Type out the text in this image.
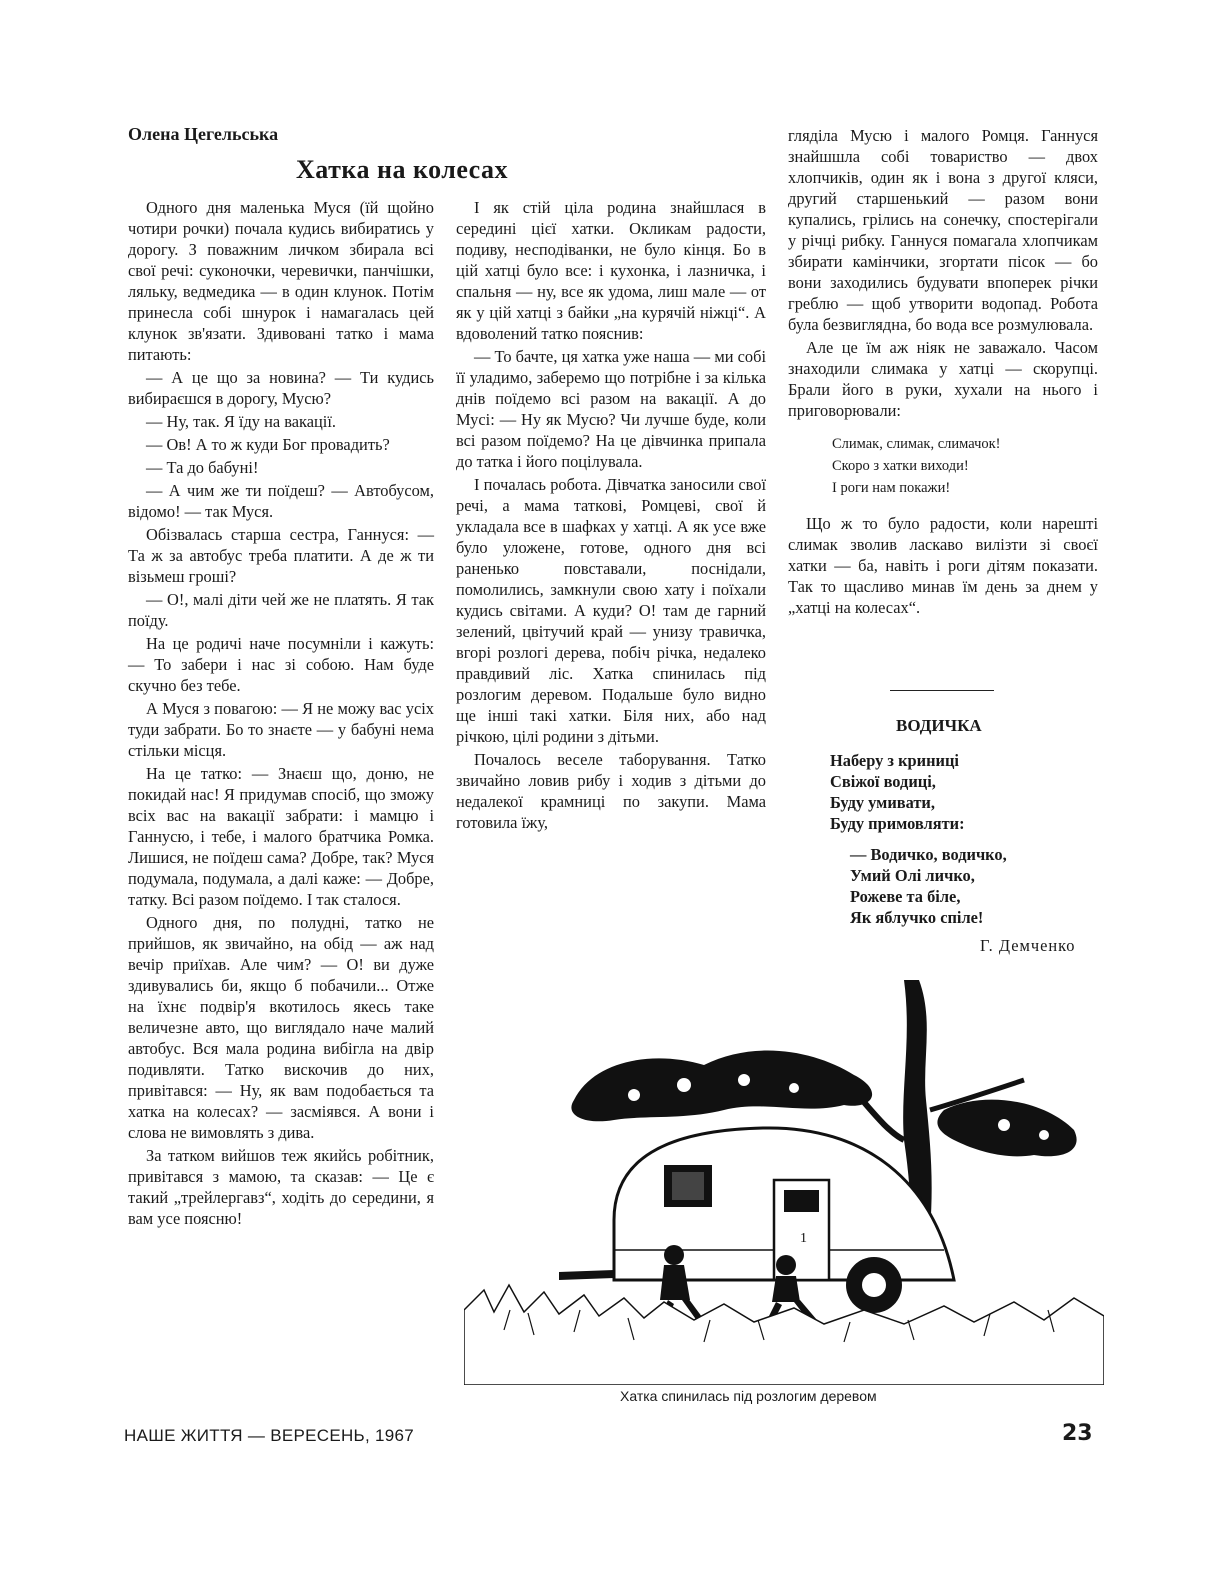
Олена Цегельська
Хатка на колесах

Одного дня маленька Муся (їй щойно чотири рочки) почала кудись вибиратись у дорогу. З поважним личком збирала всі свої речі: суконочки, черевички, панчішки, ляльку, ведмедика — в один клунок. Потім принесла собі шнурок і намагалась цей клунок зв'язати. Здивовані татко і мама питають:

— А це що за новина? — Ти кудись вибираєшся в дорогу, Мусю?

— Ну, так. Я їду на вакації.

— Ов! А то ж куди Бог провадить?

— Та до бабуні!

— А чим же ти поїдеш? — Автобусом, відомо! — так Муся.

Обізвалась старша сестра, Ганнуся: — Та ж за автобус треба платити. А де ж ти візьмеш гроші?

— О!, малі діти чей же не платять. Я так поїду.

На це родичі наче посумніли і кажуть: — То забери і нас зі собою. Нам буде скучно без тебе.

А Муся з повагою: — Я не можу вас усіх туди забрати. Бо то знаєте — у бабуні нема стільки місця.

На це татко: — Знаєш що, доню, не покидай нас! Я придумав спосіб, що зможу всіх вас на вакації забрати: і мамцю і Ганнусю, і тебе, і малого братчика Ромка. Лишися, не поїдеш сама? Добре, так? Муся подумала, подумала, а далі каже: — Добре, татку. Всі разом поїдемо. І так сталося.

Одного дня, по полудні, татко не прийшов, як звичайно, на обід — аж над вечір приїхав. Але чим? — О! ви дуже здивувались би, якщо б побачили... Отже на їхнє подвір'я вкотилось якесь таке величезне авто, що виглядало наче малий автобус. Вся мала родина вибігла на двір подивляти. Татко вискочив до них, привітався: — Ну, як вам подобається та хатка на колесах? — засміявся. А вони і слова не вимовлять з дива.

За татком вийшов теж якийсь робітник, привітався з мамою, та сказав: — Це є такий „трейлергавз“, ходіть до середини, я вам усе поясню!

І як стій ціла родина знайшлася в середині цієї хатки. Окликам радости, подиву, несподіванки, не було кінця. Бо в цій хатці було все: і кухонка, і лазничка, і спальня — ну, все як удома, лиш мале — от як у цій хатці з байки „на курячій ніжці“. А вдоволений татко пояснив:

— То бачте, ця хатка уже наша — ми собі її уладимо, заберемо що потрібне і за кілька днів поїдемо всі разом на вакації. А до Мусі: — Ну як Мусю? Чи лучше буде, коли всі разом поїдемо? На це дівчинка припала до татка і його поцілувала.

І почалась робота. Дівчатка заносили свої речі, а мама таткові, Ромцеві, свої й укладала все в шафках у хатці. А як усе вже було уложене, готове, одного дня всі раненько повставали, поснідали, помолились, замкнули свою хату і поїхали кудись світами. А куди? О! там де гарний зелений, цвітучий край — унизу травичка, вгорі розлогі дерева, побіч річка, недалеко правдивий ліс. Хатка спинилась під розлогим деревом. Подальше було видно ще інші такі хатки. Біля них, або над річкою, цілі родини з дітьми.

Почалось веселе таборування. Татко звичайно ловив рибу і ходив з дітьми до недалекої крамниці по закупи. Мама готовила їжу,

гляділа Мусю і малого Ромця. Ганнуся знайшшла собі товариство — двох хлопчиків, один як і вона з другої кляси, другий старшенький — разом вони купались, грілись на сонечку, спостерігали у річці рибку. Ганнуся помагала хлопчикам збирати камінчики, згортати пісок — бо вони заходились будувати впоперек річки греблю — щоб утворити водопад. Робота була безвиглядна, бо вода все розмулювала.

Але це їм аж ніяк не заважало. Часом знаходили слимака у хатці — скорупці. Брали його в руки, хухали на нього і приговорювали:

Слимак, слимак, слимачок!
Скоро з хатки виходи!
І роги нам покажи!

Що ж то було радости, коли нарешті слимак зволив ласкаво вилізти зі своєї хатки — ба, навіть і роги дітям показати. Так то щасливо минав їм день за днем у „хатці на колесах“.

ВОДИЧКА
Наберу з криниці
Свіжої водиці,
Буду умивати,
Буду примовляти:
— Водичко, водичко,
Умий Олі личко,
Рожеве та біле,
Як яблучко спіле!
Г. Демченко
1
Хатка спинилась під розлогим деревом
НАШЕ ЖИТТЯ — ВЕРЕСЕНЬ, 1967	23
